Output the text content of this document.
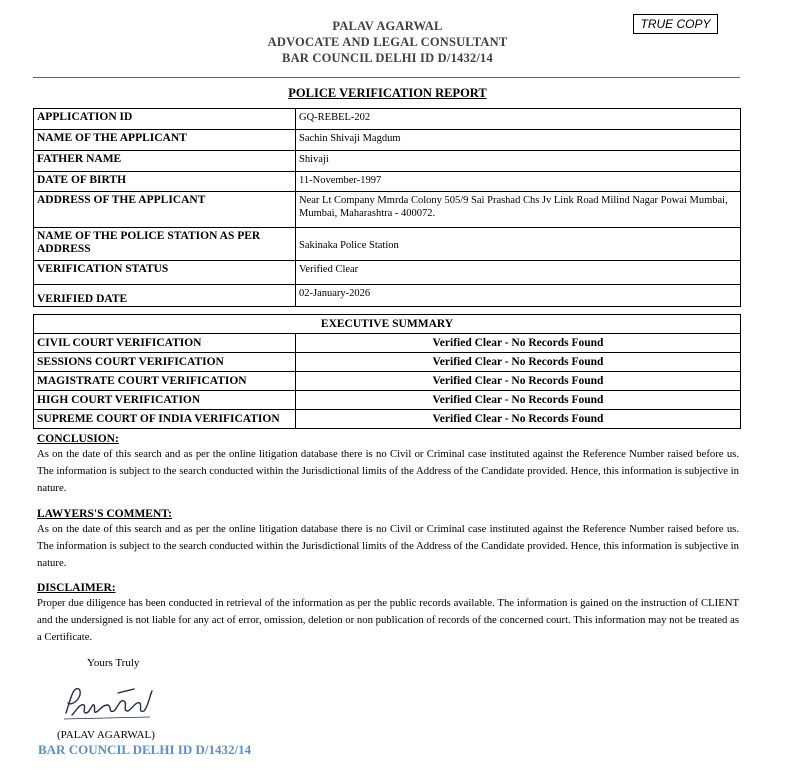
PALAV AGARWAL
ADVOCATE AND LEGAL CONSULTANT
BAR COUNCIL DELHI ID D/1432/14
TRUE COPY
POLICE VERIFICATION REPORT
APPLICATION ID	GQ-REBEL-202
NAME OF THE APPLICANT	Sachin Shivaji Magdum
FATHER NAME	Shivaji
DATE OF BIRTH	11-November-1997
ADDRESS OF THE APPLICANT	Near Lt Company Mmrda Colony 505/9 Sai Prashad Chs Jv Link Road Milind Nagar Powai Mumbai, Mumbai, Maharashtra - 400072.
NAME OF THE POLICE STATION AS PER ADDRESS	Sakinaka Police Station
VERIFICATION STATUS	Verified Clear
VERIFIED DATE	02-January-2026
EXECUTIVE SUMMARY	
CIVIL COURT VERIFICATION	Verified Clear - No Records Found
SESSIONS COURT VERIFICATION	Verified Clear - No Records Found
MAGISTRATE COURT VERIFICATION	Verified Clear - No Records Found
HIGH COURT VERIFICATION	Verified Clear - No Records Found
SUPREME COURT OF INDIA VERIFICATION	Verified Clear - No Records Found
CONCLUSION:

As on the date of this search and as per the online litigation database there is no Civil or Criminal case instituted against the Reference Number raised before us. The information is subject to the search conducted within the Jurisdictional limits of the Address of the Candidate provided. Hence, this information is subjective in nature.

LAWYERS'S COMMENT:

As on the date of this search and as per the online litigation database there is no Civil or Criminal case instituted against the Reference Number raised before us. The information is subject to the search conducted within the Jurisdictional limits of the Address of the Candidate provided. Hence, this information is subjective in nature.

DISCLAIMER:

Proper due diligence has been conducted in retrieval of the information as per the public records available. The information is gained on the instruction of CLIENT and the undersigned is not liable for any act of error, omission, deletion or non publication of records of the concerned court. This information may not be treated as a Certificate.

Yours Truly
(PALAV AGARWAL)
BAR COUNCIL DELHI ID D/1432/14
